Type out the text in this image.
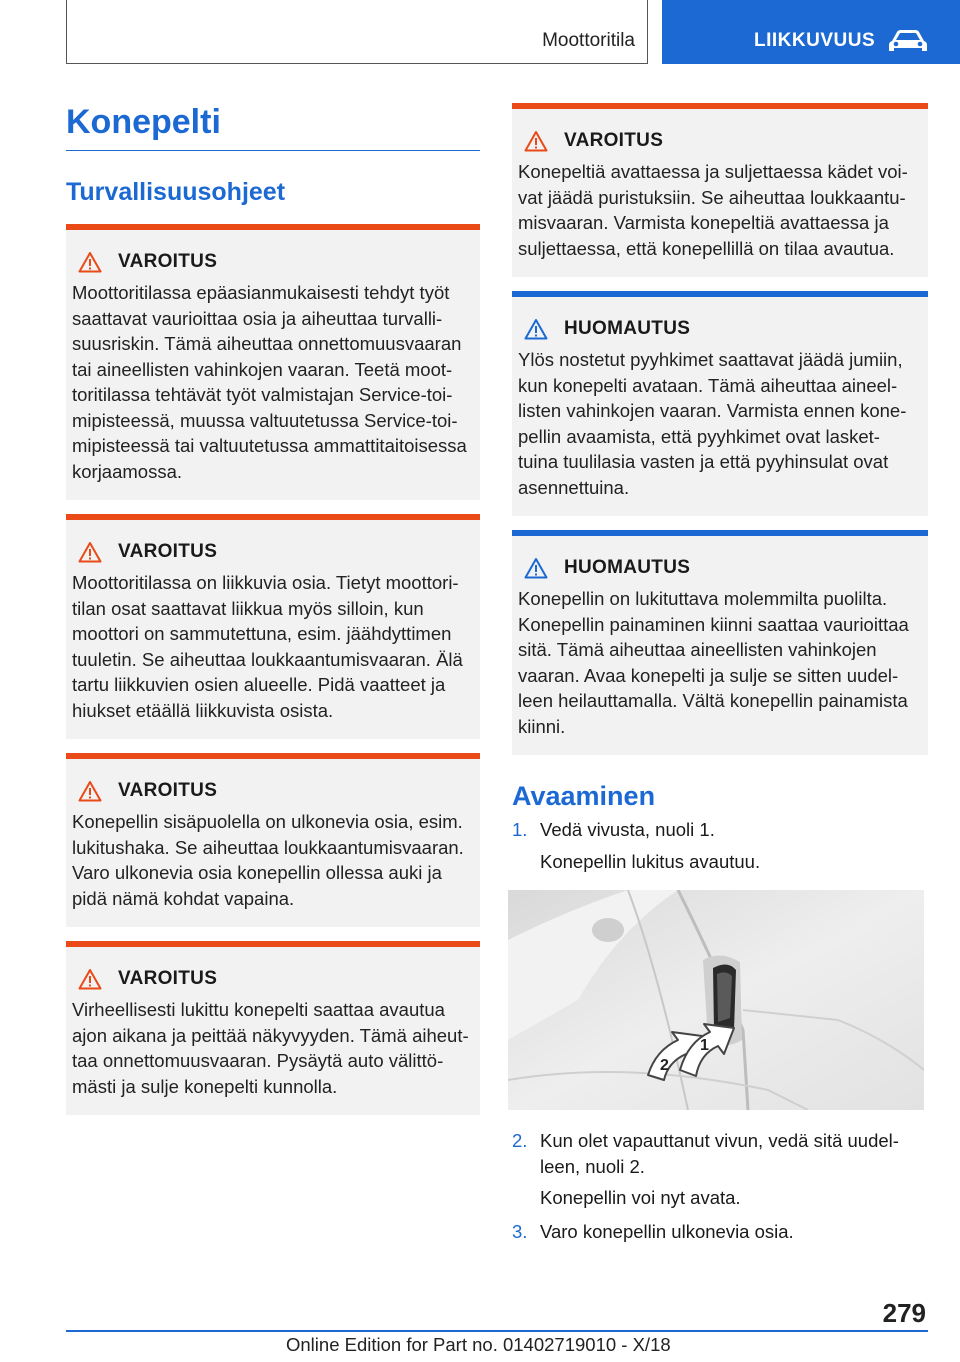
Moottoritila	LIIKKUVUUS
Konepelti
Turvallisuusohjeet
VAROITUS
Moottoritilassa epäasianmukaisesti tehdyt työt saattavat vaurioittaa osia ja aiheuttaa turvalli‐suusriskin. Tämä aiheuttaa onnettomuusvaaran tai aineellisten vahinkojen vaaran. Teetä moot‐toritilassa tehtävät työt valmistajan Service-toi‐mipisteessä, muussa valtuutetussa Service-toi‐mipisteessä tai valtuutetussa ammattitaitoisessa korjaamossa.
VAROITUS
Moottoritilassa on liikkuvia osia. Tietyt moottori‐tilan osat saattavat liikkua myös silloin, kun moottori on sammutettuna, esim. jäähdyttimen tuuletin. Se aiheuttaa loukkaantumisvaaran. Älä tartu liikkuvien osien alueelle. Pidä vaatteet ja hiukset etäällä liikkuvista osista.
VAROITUS
Konepellin sisäpuolella on ulkonevia osia, esim. lukitushaka. Se aiheuttaa loukkaantumisvaaran. Varo ulkonevia osia konepellin ollessa auki ja pidä nämä kohdat vapaina.
VAROITUS
Virheellisesti lukittu konepelti saattaa avautua ajon aikana ja peittää näkyvyyden. Tämä aiheut‐taa onnettomuusvaaran. Pysäytä auto välittö‐mästi ja sulje konepelti kunnolla.
VAROITUS
Konepeltiä avattaessa ja suljettaessa kädet voi‐vat jäädä puristuksiin. Se aiheuttaa loukkaantu‐misvaaran. Varmista konepeltiä avattaessa ja suljettaessa, että konepellillä on tilaa avautua.
HUOMAUTUS
Ylös nostetut pyyhkimet saattavat jäädä jumiin, kun konepelti avataan. Tämä aiheuttaa aineel‐listen vahinkojen vaaran. Varmista ennen kone‐pellin avaamista, että pyyhkimet ovat lasket‐tuina tuulilasia vasten ja että pyyhinsulat ovat asennettuina.
HUOMAUTUS
Konepellin on lukituttava molemmilta puolilta. Konepellin painaminen kiinni saattaa vaurioittaa sitä. Tämä aiheuttaa aineellisten vahinkojen vaaran. Avaa konepelti ja sulje se sitten uudel‐leen heilauttamalla. Vältä konepellin painamista kiinni.
Avaaminen
1. Vedä vivusta, nuoli 1.
Konepellin lukitus avautuu.
2
1
2. Kun olet vapauttanut vivun, vedä sitä uudel‐leen, nuoli 2.
Konepellin voi nyt avata.
3. Varo konepellin ulkonevia osia.
279
Online Edition for Part no. 01402719010 - X/18
